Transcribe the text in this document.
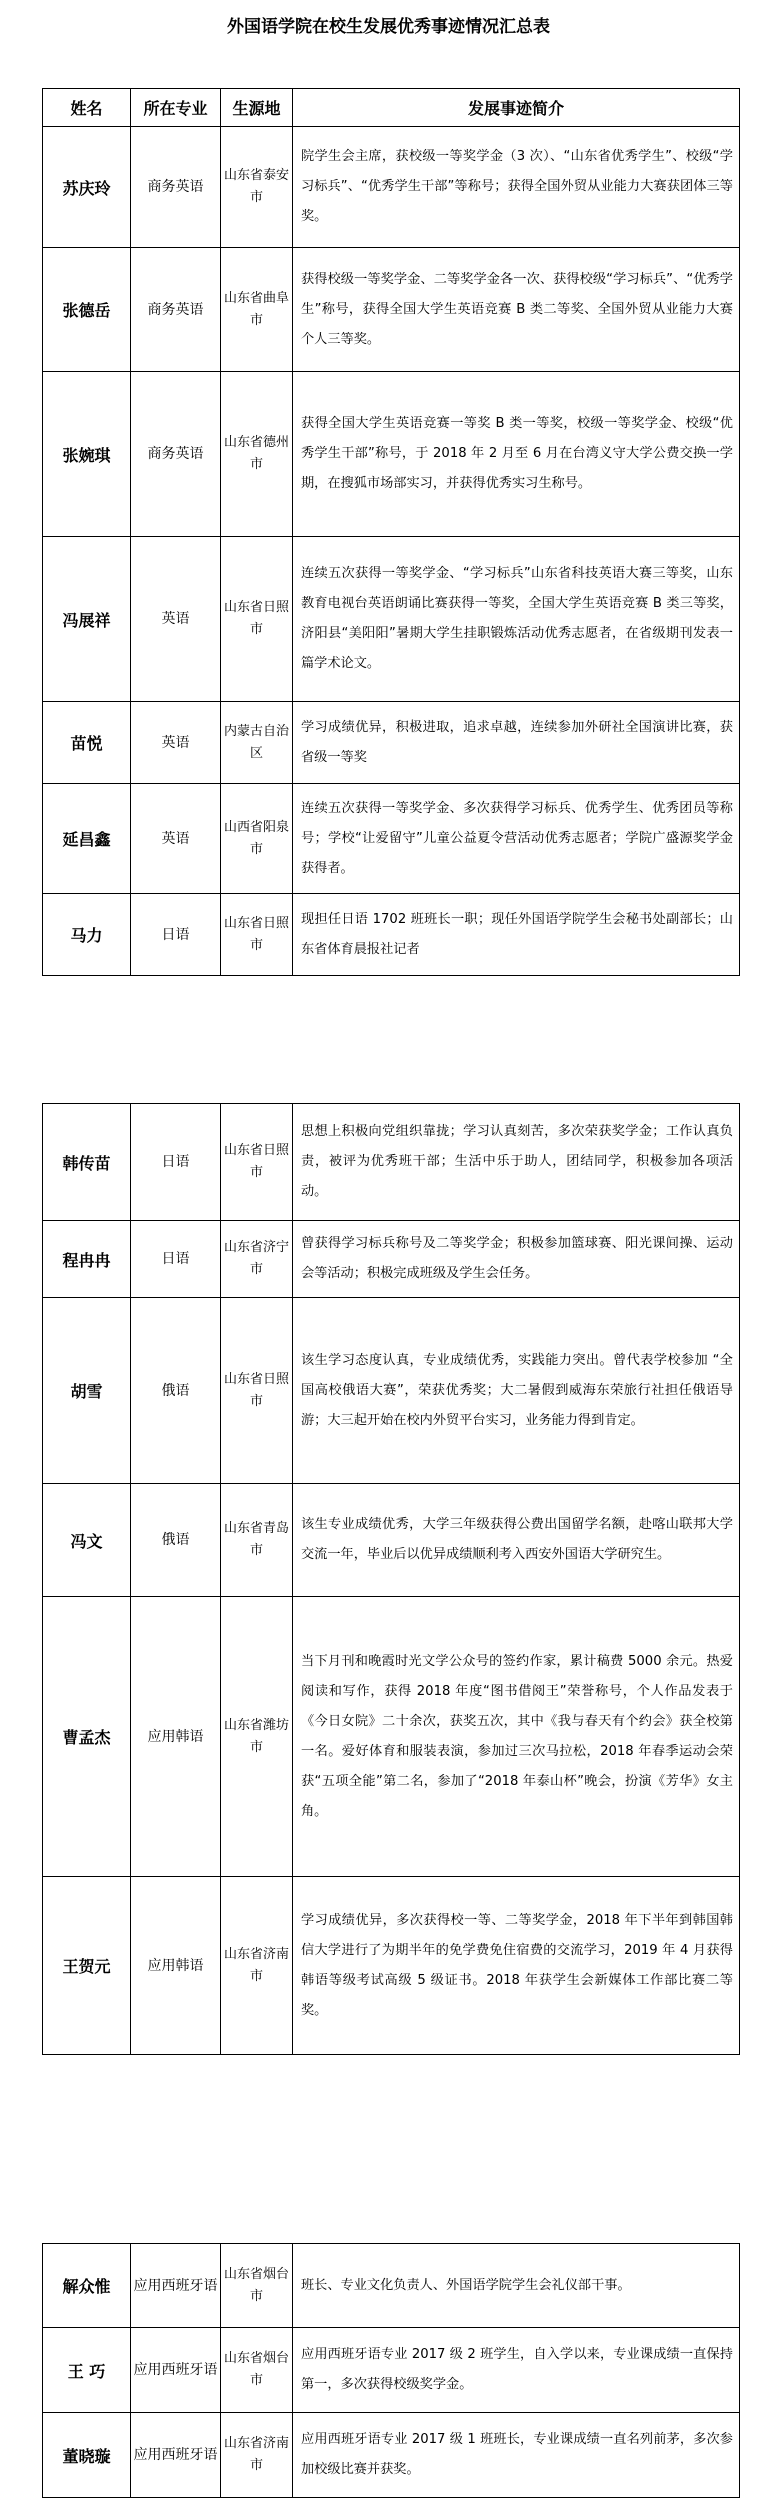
外国语学院在校生发展优秀事迹情况汇总表
姓名	所在专业	生源地	发展事迹简介
苏庆玲	商务英语	山东省泰安市	院学生会主席，获校级一等奖学金（3 次）、“山东省优秀学生”、校级“学习标兵”、“优秀学生干部”等称号；获得全国外贸从业能力大赛获团体三等奖。
张德岳	商务英语	山东省曲阜市	获得校级一等奖学金、二等奖学金各一次、获得校级“学习标兵”、“优秀学生”称号，获得全国大学生英语竞赛 B 类二等奖、全国外贸从业能力大赛个人三等奖。
张婉琪	商务英语	山东省德州市	获得全国大学生英语竞赛一等奖 B 类一等奖，校级一等奖学金、校级“优秀学生干部”称号，于 2018 年 2 月至 6 月在台湾义守大学公费交换一学期，在搜狐市场部实习，并获得优秀实习生称号。
冯展祥	英语	山东省日照市	连续五次获得一等奖学金、“学习标兵”山东省科技英语大赛三等奖，山东教育电视台英语朗诵比赛获得一等奖，全国大学生英语竞赛 B 类三等奖，济阳县“美阳阳”暑期大学生挂职锻炼活动优秀志愿者，在省级期刊发表一篇学术论文。
苗悦	英语	内蒙古自治区	学习成绩优异，积极进取，追求卓越，连续参加外研社全国演讲比赛，获省级一等奖
延昌鑫	英语	山西省阳泉市	连续五次获得一等奖学金、多次获得学习标兵、优秀学生、优秀团员等称号；学校“让爱留守”儿童公益夏令营活动优秀志愿者；学院广盛源奖学金获得者。
马力	日语	山东省日照市	现担任日语 1702 班班长一职；现任外国语学院学生会秘书处副部长；山东省体育晨报社记者
韩传苗	日语	山东省日照市	思想上积极向党组织靠拢；学习认真刻苦，多次荣获奖学金；工作认真负责，被评为优秀班干部；生活中乐于助人，团结同学，积极参加各项活动。
程冉冉	日语	山东省济宁市	曾获得学习标兵称号及二等奖学金；积极参加篮球赛、阳光课间操、运动会等活动；积极完成班级及学生会任务。
胡雪	俄语	山东省日照市	该生学习态度认真，专业成绩优秀，实践能力突出。曾代表学校参加 “全国高校俄语大赛”，荣获优秀奖；大二暑假到威海东荣旅行社担任俄语导游；大三起开始在校内外贸平台实习，业务能力得到肯定。
冯文	俄语	山东省青岛市	该生专业成绩优秀，大学三年级获得公费出国留学名额，赴喀山联邦大学交流一年，毕业后以优异成绩顺利考入西安外国语大学研究生。
曹孟杰	应用韩语	山东省潍坊市	当下月刊和晚霞时光文学公众号的签约作家，累计稿费 5000 余元。热爱阅读和写作，获得 2018 年度“图书借阅王”荣誉称号，个人作品发表于《今日女院》二十余次，获奖五次，其中《我与春天有个约会》获全校第一名。爱好体育和服装表演，参加过三次马拉松，2018 年春季运动会荣获“五项全能”第二名，参加了“2018 年泰山杯”晚会，扮演《芳华》女主角。
王贺元	应用韩语	山东省济南市	学习成绩优异，多次获得校一等、二等奖学金，2018 年下半年到韩国韩信大学进行了为期半年的免学费免住宿费的交流学习，2019 年 4 月获得韩语等级考试高级 5 级证书。2018 年获学生会新媒体工作部比赛二等奖。
解众惟	应用西班牙语	山东省烟台市	班长、专业文化负责人、外国语学院学生会礼仪部干事。
王 巧	应用西班牙语	山东省烟台市	应用西班牙语专业 2017 级 2 班学生，自入学以来，专业课成绩一直保持第一，多次获得校级奖学金。
董晓璇	应用西班牙语	山东省济南市	应用西班牙语专业 2017 级 1 班班长，专业课成绩一直名列前茅，多次参加校级比赛并获奖。
